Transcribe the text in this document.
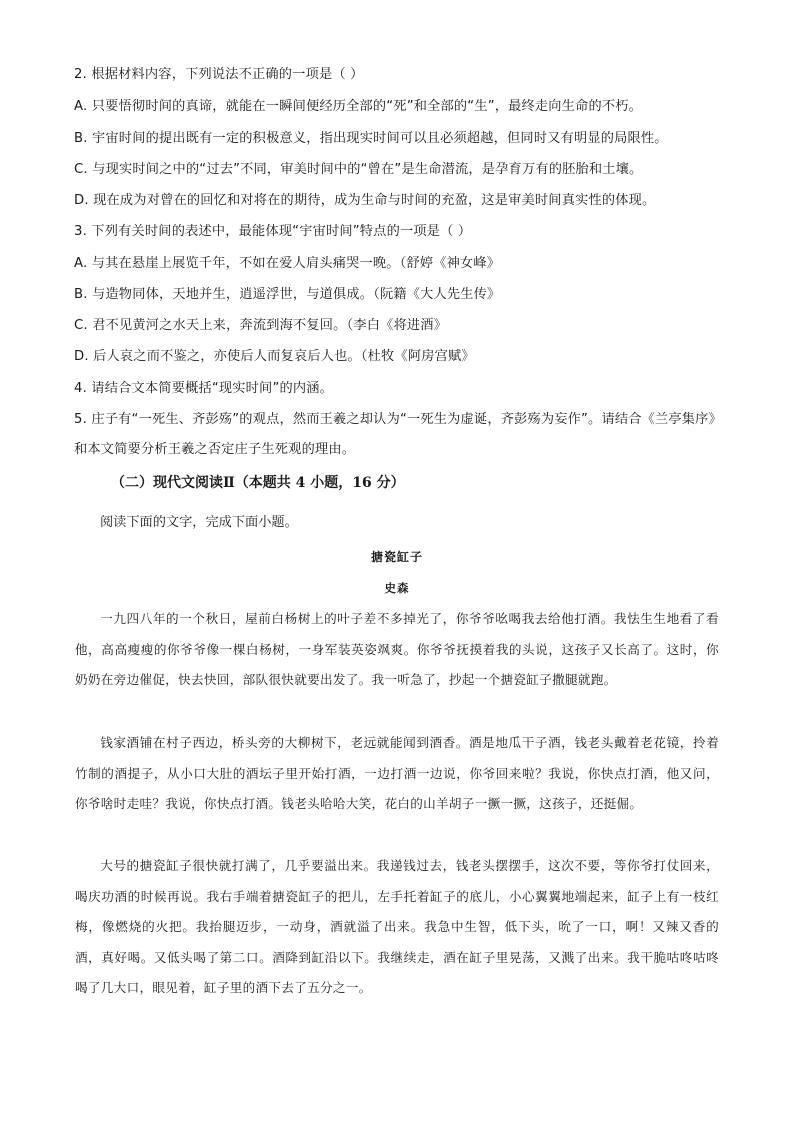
2. 根据材料内容，下列说法不正确的一项是（ ）
A. 只要悟彻时间的真谛，就能在一瞬间便经历全部的“死”和全部的“生”，最终走向生命的不朽。
B. 宇宙时间的提出既有一定的积极意义，指出现实时间可以且必须超越，但同时又有明显的局限性。
C. 与现实时间之中的“过去”不同，审美时间中的“曾在”是生命潜流，是孕育万有的胚胎和土壤。
D. 现在成为对曾在的回忆和对将在的期待，成为生命与时间的充盈，这是审美时间真实性的体现。
3. 下列有关时间的表述中，最能体现“宇宙时间”特点的一项是（ ）
A. 与其在悬崖上展览千年，不如在爱人肩头痛哭一晚。（舒婷《神女峰》
B. 与造物同体，天地并生，逍遥浮世，与道俱成。（阮籍《大人先生传》
C. 君不见黄河之水天上来，奔流到海不复回。（李白《将进酒》
D. 后人哀之而不鉴之，亦使后人而复哀后人也。（杜牧《阿房宫赋》
4. 请结合文本简要概括“现实时间”的内涵。
5. 庄子有“一死生、齐彭殇”的观点，然而王羲之却认为“一死生为虚诞，齐彭殇为妄作”。请结合《兰亭集序》和本文简要分析王羲之否定庄子生死观的理由。
（二）现代文阅读Ⅱ（本题共 4 小题，16 分）
阅读下面的文字，完成下面小题。
搪瓷缸子
史森
一九四八年的一个秋日，屋前白杨树上的叶子差不多掉光了，你爷爷吆喝我去给他打酒。我怯生生地看了看他，高高瘦瘦的你爷爷像一棵白杨树，一身军装英姿飒爽。你爷爷抚摸着我的头说，这孩子又长高了。这时，你奶奶在旁边催促，快去快回，部队很快就要出发了。我一听急了，抄起一个搪瓷缸子撒腿就跑。
钱家酒铺在村子西边，桥头旁的大柳树下，老远就能闻到酒香。酒是地瓜干子酒，钱老头戴着老花镜，拎着竹制的酒提子，从小口大肚的酒坛子里开始打酒，一边打酒一边说，你爷回来啦？我说，你快点打酒，他又问，你爷啥时走哇？我说，你快点打酒。钱老头哈哈大笑，花白的山羊胡子一撅一撅，这孩子，还挺倔。
大号的搪瓷缸子很快就打满了，几乎要溢出来。我递钱过去，钱老头摆摆手，这次不要，等你爷打仗回来，喝庆功酒的时候再说。我右手端着搪瓷缸子的把儿，左手托着缸子的底儿，小心翼翼地端起来，缸子上有一枝红梅，像燃烧的火把。我抬腿迈步，一动身，酒就溢了出来。我急中生智，低下头，吮了一口，啊！又辣又香的酒，真好喝。又低头喝了第二口。酒降到缸沿以下。我继续走，酒在缸子里晃荡，又溅了出来。我干脆咕咚咕咚喝了几大口，眼见着，缸子里的酒下去了五分之一。
